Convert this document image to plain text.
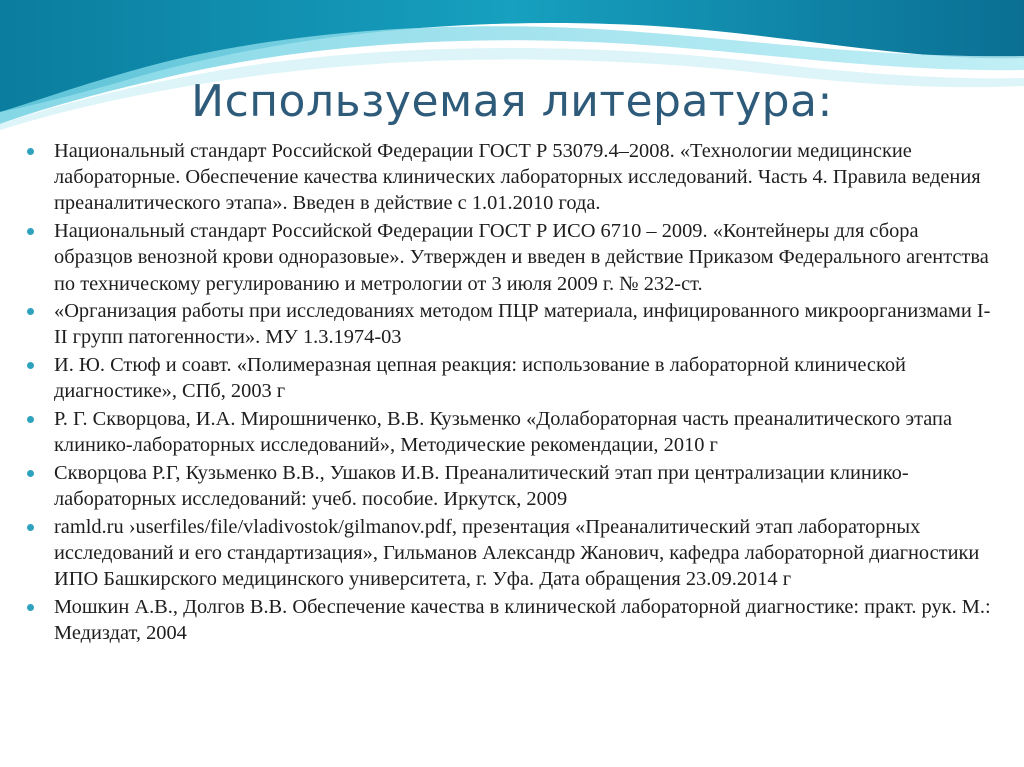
Используемая литература:
Национальный стандарт Российской Федерации ГОСТ Р 53079.4–2008. «Технологии медицинские лабораторные. Обеспечение качества клинических лабораторных исследований. Часть 4. Правила ведения преаналитического этапа». Введен в действие с 1.01.2010 года.
Национальный стандарт Российской Федерации ГОСТ Р ИСО 6710 – 2009. «Контейнеры для сбора образцов венозной крови одноразовые». Утвержден и введен в действие Приказом Федерального агентства по техническому регулированию и метрологии от 3 июля 2009 г. № 232-ст.
«Организация работы при исследованиях методом ПЦР материала, инфицированного микроорганизмами I-II групп патогенности». МУ 1.3.1974-03
И. Ю. Стюф и соавт. «Полимеразная цепная реакция: использование в лабораторной клинической диагностике», СПб, 2003 г
Р. Г. Скворцова, И.А. Мирошниченко, В.В. Кузьменко «Долабораторная часть преаналитического этапа клинико-лабораторных исследований», Методические рекомендации, 2010 г
Скворцова Р.Г, Кузьменко В.В., Ушаков И.В. Преаналитический этап при централизации клинико-лабораторных исследований: учеб. пособие. Иркутск, 2009
ramld.ru ›userfiles/file/vladivostok/gilmanov.pdf, презентация «Преаналитический этап лабораторных исследований и его стандартизация», Гильманов Александр Жанович, кафедра лабораторной диагностики ИПО Башкирского медицинского университета, г. Уфа. Дата обращения 23.09.2014 г
Мошкин А.В., Долгов В.В. Обеспечение качества в клинической лабораторной диагностике: практ. рук. М.: Медиздат, 2004
